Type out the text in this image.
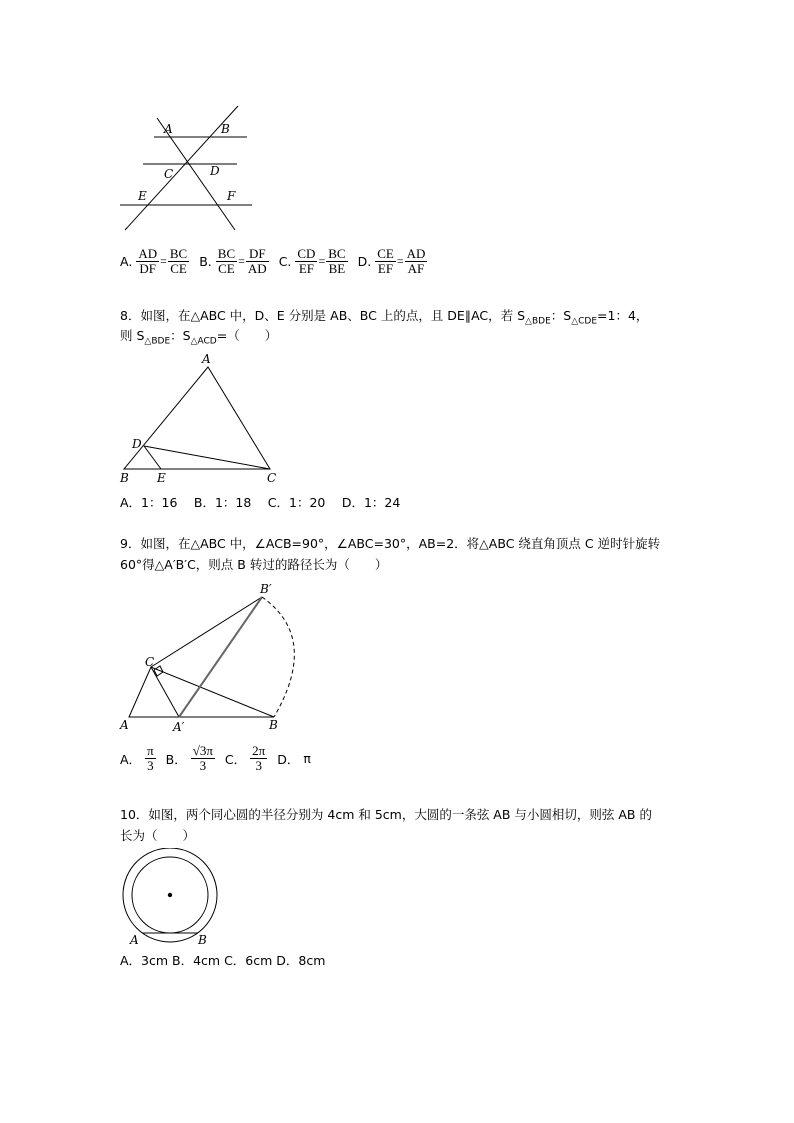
A	B
C	D
E	F
A. $\frac{AD}{DF} = \frac{BC}{CE} B$. $\frac{BC}{CE} = \frac{DF}{AD} C$. $\frac{CD}{EF} = \frac{BC}{BE} D$. $\frac{CE}{EF} = \frac{AD}{AF}$
8．如图，在△ABC 中，D、E 分别是 AB、BC 上的点，且 DE∥AC，若 $S_{\triangle BDE}$：$S_{\triangle CDE}=1$：4，
则 $S_{\triangle BDE}$：$S_{\triangle ACD}=$（　　）
A
D
B E	C
A．1：16　 B．1：18　 C．1：20　 D．1：24
9．如图，在△ABC 中，∠ACB=90°，∠ABC=30°，AB=2．将△ABC 绕直角顶点 C 逆时针旋转
60°得△A′B′C，则点 B 转过的路径长为（　　）
B′
C
A	A′	B
A． $\frac{\pi}{3}$ B． $\frac{√3\pi}{3}$ C． $\frac{2\pi}{3}$ D． π
10．如图，两个同心圆的半径分别为 4cm 和 5cm，大圆的一条弦 AB 与小圆相切，则弦 AB 的
长为（　　）
A	B
A．3cm B．4cm C．6cm D．8cm
